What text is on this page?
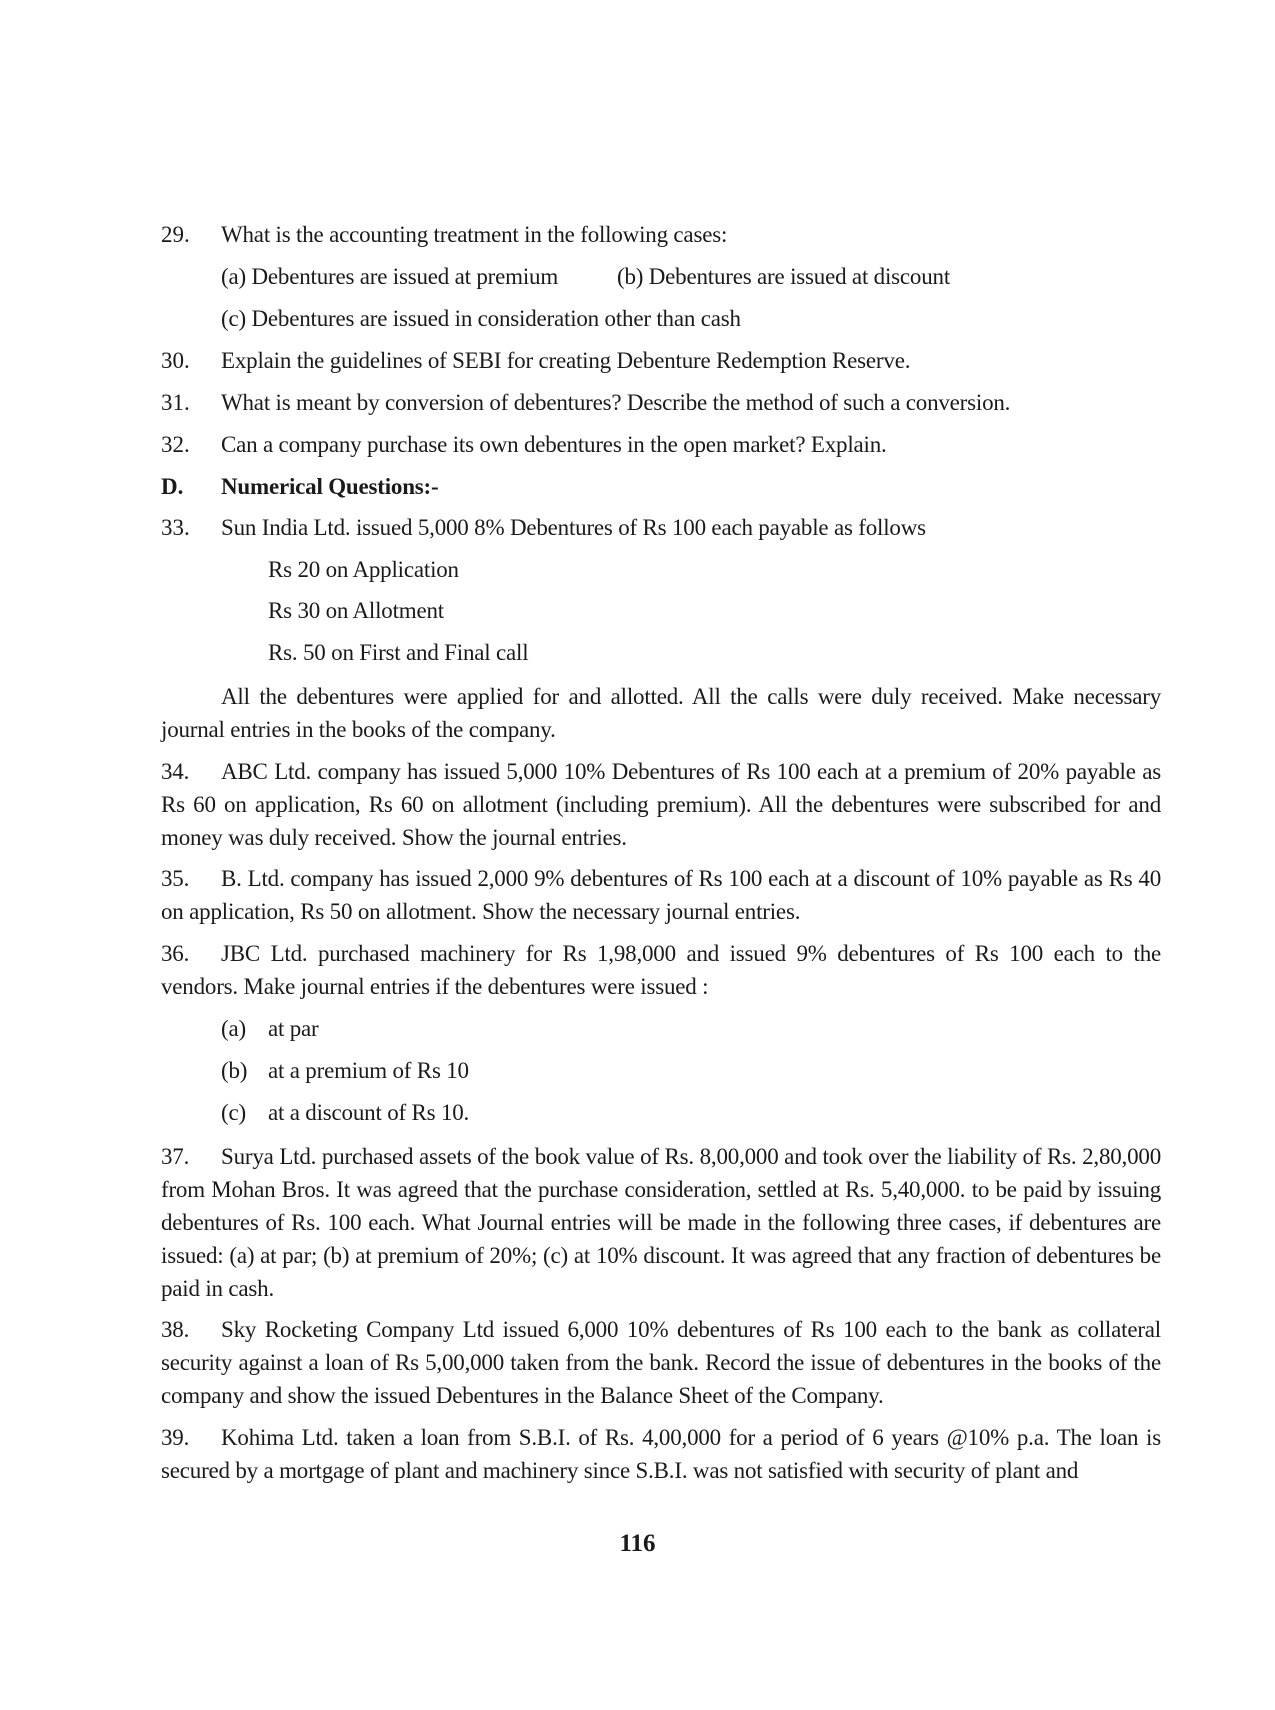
29. What is the accounting treatment in the following cases:
(a) Debentures are issued at premium	(b) Debentures are issued at discount
(c) Debentures are issued in consideration other than cash
30. Explain the guidelines of SEBI for creating Debenture Redemption Reserve.
31. What is meant by conversion of debentures? Describe the method of such a conversion.
32. Can a company purchase its own debentures in the open market? Explain.
D. Numerical Questions:-
33. Sun India Ltd. issued 5,000 8% Debentures of Rs 100 each payable as follows
Rs 20 on Application
Rs 30 on Allotment
Rs. 50 on First and Final call
All the debentures were applied for and allotted. All the calls were duly received. Make necessary journal entries in the books of the company.
34. ABC Ltd. company has issued 5,000 10% Debentures of Rs 100 each at a premium of 20% payable as Rs 60 on application, Rs 60 on allotment (including premium). All the debentures were subscribed for and money was duly received. Show the journal entries.
35. B. Ltd. company has issued 2,000 9% debentures of Rs 100 each at a discount of 10% payable as Rs 40 on application, Rs 50 on allotment. Show the necessary journal entries.
36. JBC Ltd. purchased machinery for Rs 1,98,000 and issued 9% debentures of Rs 100 each to the vendors. Make journal entries if the debentures were issued :
(a) at par
(b) at a premium of Rs 10
(c) at a discount of Rs 10.
37. Surya Ltd. purchased assets of the book value of Rs. 8,00,000 and took over the liability of Rs. 2,80,000 from Mohan Bros. It was agreed that the purchase consideration, settled at Rs. 5,40,000. to be paid by issuing debentures of Rs. 100 each. What Journal entries will be made in the following three cases, if debentures are issued: (a) at par; (b) at premium of 20%; (c) at 10% discount. It was agreed that any fraction of debentures be paid in cash.
38. Sky Rocketing Company Ltd issued 6,000 10% debentures of Rs 100 each to the bank as collateral security against a loan of Rs 5,00,000 taken from the bank. Record the issue of debentures in the books of the company and show the issued Debentures in the Balance Sheet of the Company.
39. Kohima Ltd. taken a loan from S.B.I. of Rs. 4,00,000 for a period of 6 years @10% p.a. The loan is secured by a mortgage of plant and machinery since S.B.I. was not satisfied with security of plant and
116
